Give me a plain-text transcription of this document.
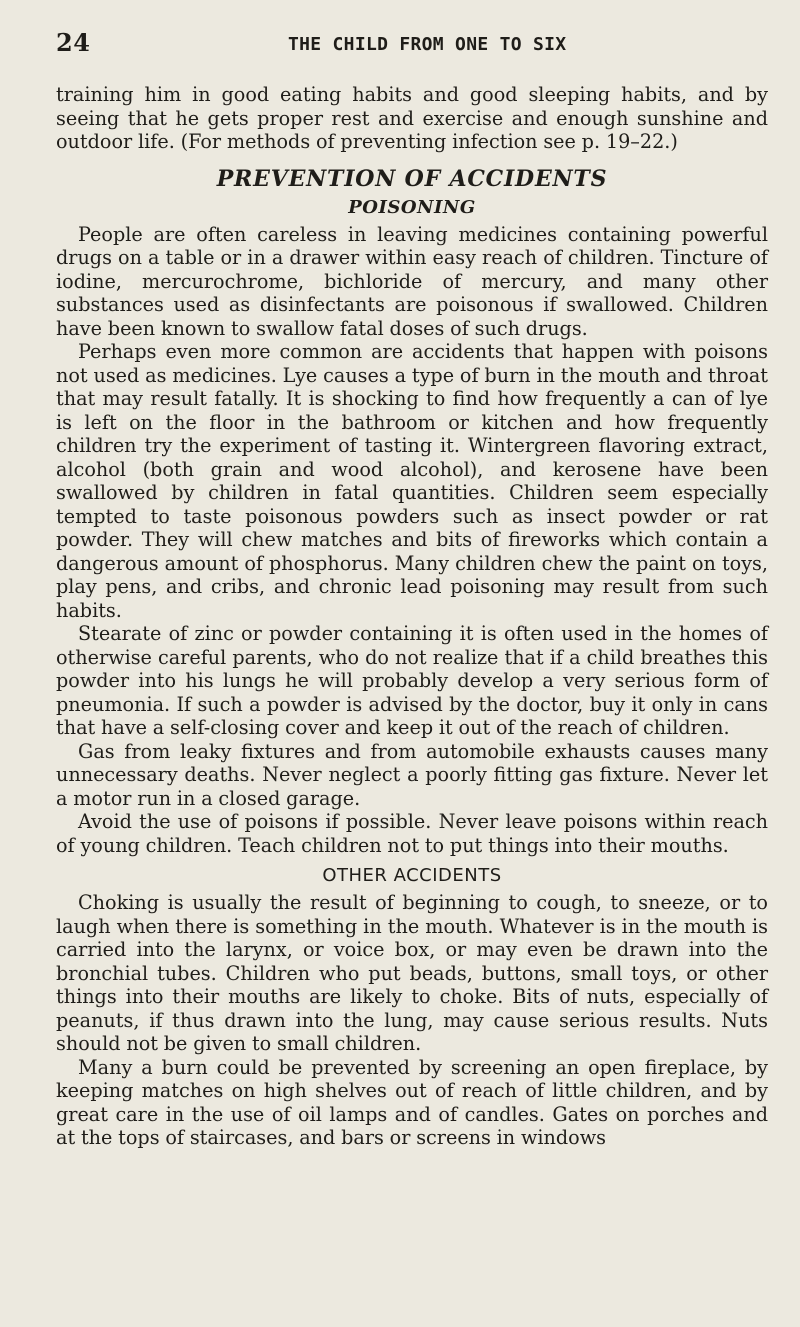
24	THE CHILD FROM ONE TO SIX

training him in good eating habits and good sleeping habits, and by seeing that he gets proper rest and exercise and enough sunshine and outdoor life. (For methods of preventing infection see p. 19–22.)

PREVENTION OF ACCIDENTS
POISONING

People are often careless in leaving medicines containing powerful drugs on a table or in a drawer within easy reach of children. Tincture of iodine, mercurochrome, bichloride of mercury, and many other substances used as disinfectants are poisonous if swallowed. Children have been known to swallow fatal doses of such drugs.

Perhaps even more common are accidents that happen with poisons not used as medicines. Lye causes a type of burn in the mouth and throat that may result fatally. It is shocking to find how frequently a can of lye is left on the floor in the bathroom or kitchen and how frequently children try the experiment of tasting it. Wintergreen flavoring extract, alcohol (both grain and wood alcohol), and kerosene have been swallowed by children in fatal quantities. Children seem especially tempted to taste poisonous powders such as insect powder or rat powder. They will chew matches and bits of fireworks which contain a dangerous amount of phosphorus. Many children chew the paint on toys, play pens, and cribs, and chronic lead poisoning may result from such habits.

Stearate of zinc or powder containing it is often used in the homes of otherwise careful parents, who do not realize that if a child breathes this powder into his lungs he will probably develop a very serious form of pneumonia. If such a powder is advised by the doctor, buy it only in cans that have a self-closing cover and keep it out of the reach of children.

Gas from leaky fixtures and from automobile exhausts causes many unnecessary deaths. Never neglect a poorly fitting gas fixture. Never let a motor run in a closed garage.

Avoid the use of poisons if possible. Never leave poisons within reach of young children. Teach children not to put things into their mouths.

OTHER ACCIDENTS

Choking is usually the result of beginning to cough, to sneeze, or to laugh when there is something in the mouth. Whatever is in the mouth is carried into the larynx, or voice box, or may even be drawn into the bronchial tubes. Children who put beads, buttons, small toys, or other things into their mouths are likely to choke. Bits of nuts, especially of peanuts, if thus drawn into the lung, may cause serious results. Nuts should not be given to small children.

Many a burn could be prevented by screening an open fireplace, by keeping matches on high shelves out of reach of little children, and by great care in the use of oil lamps and of candles. Gates on porches and at the tops of staircases, and bars or screens in windows
